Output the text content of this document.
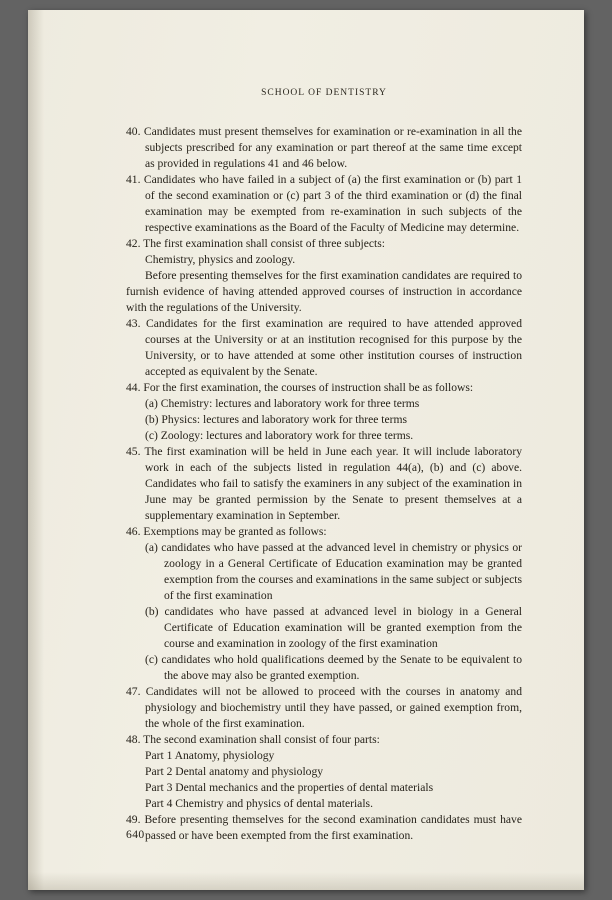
SCHOOL OF DENTISTRY

40. Candidates must present themselves for examination or re-examination in all the subjects prescribed for any examination or part thereof at the same time except as provided in regulations 41 and 46 below.

41. Candidates who have failed in a subject of (a) the first examination or (b) part 1 of the second examination or (c) part 3 of the third examination or (d) the final examination may be exempted from re-examination in such subjects of the respective examinations as the Board of the Faculty of Medicine may determine.

42. The first examination shall consist of three subjects:

Chemistry, physics and zoology.

Before presenting themselves for the first examination candidates are required to furnish evidence of having attended approved courses of instruction in accordance with the regulations of the University.

43. Candidates for the first examination are required to have attended approved courses at the University or at an institution recognised for this purpose by the University, or to have attended at some other institution courses of instruction accepted as equivalent by the Senate.

44. For the first examination, the courses of instruction shall be as follows:

(a) Chemistry: lectures and laboratory work for three terms

(b) Physics: lectures and laboratory work for three terms

(c) Zoology: lectures and laboratory work for three terms.

45. The first examination will be held in June each year. It will include laboratory work in each of the subjects listed in regulation 44(a), (b) and (c) above. Candidates who fail to satisfy the examiners in any subject of the examination in June may be granted permission by the Senate to present themselves at a supplementary examination in September.

46. Exemptions may be granted as follows:

(a) candidates who have passed at the advanced level in chemistry or physics or zoology in a General Certificate of Education examination may be granted exemption from the courses and examinations in the same subject or subjects of the first examination

(b) candidates who have passed at advanced level in biology in a General Certificate of Education examination will be granted exemption from the course and examination in zoology of the first examination

(c) candidates who hold qualifications deemed by the Senate to be equivalent to the above may also be granted exemption.

47. Candidates will not be allowed to proceed with the courses in anatomy and physiology and biochemistry until they have passed, or gained exemption from, the whole of the first examination.

48. The second examination shall consist of four parts:

Part 1 Anatomy, physiology

Part 2 Dental anatomy and physiology

Part 3 Dental mechanics and the properties of dental materials

Part 4 Chemistry and physics of dental materials.

49. Before presenting themselves for the second examination candidates must have passed or have been exempted from the first examination.

640
